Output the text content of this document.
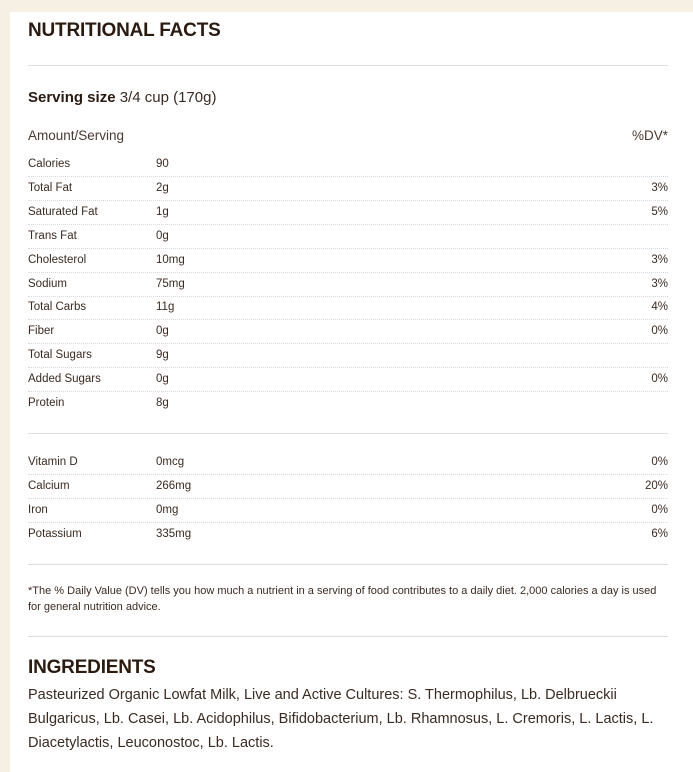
NUTRITIONAL FACTS
Serving size 3/4 cup (170g)
Amount/Serving	%DV*
Calories	90
Total Fat	2g	3%
Saturated Fat	1g	5%
Trans Fat	0g
Cholesterol	10mg	3%
Sodium	75mg	3%
Total Carbs	11g	4%
Fiber	0g	0%
Total Sugars	9g
Added Sugars	0g	0%
Protein	8g
Vitamin D	0mcg	0%
Calcium	266mg	20%
Iron	0mg	0%
Potassium	335mg	6%
*The % Daily Value (DV) tells you how much a nutrient in a serving of food contributes to a daily diet. 2,000 calories a day is used for general nutrition advice.
INGREDIENTS
Pasteurized Organic Lowfat Milk, Live and Active Cultures: S. Thermophilus, Lb. Delbrueckii Bulgaricus, Lb. Casei, Lb. Acidophilus, Bifidobacterium, Lb. Rhamnosus, L. Cremoris, L. Lactis, L. Diacetylactis, Leuconostoc, Lb. Lactis.
